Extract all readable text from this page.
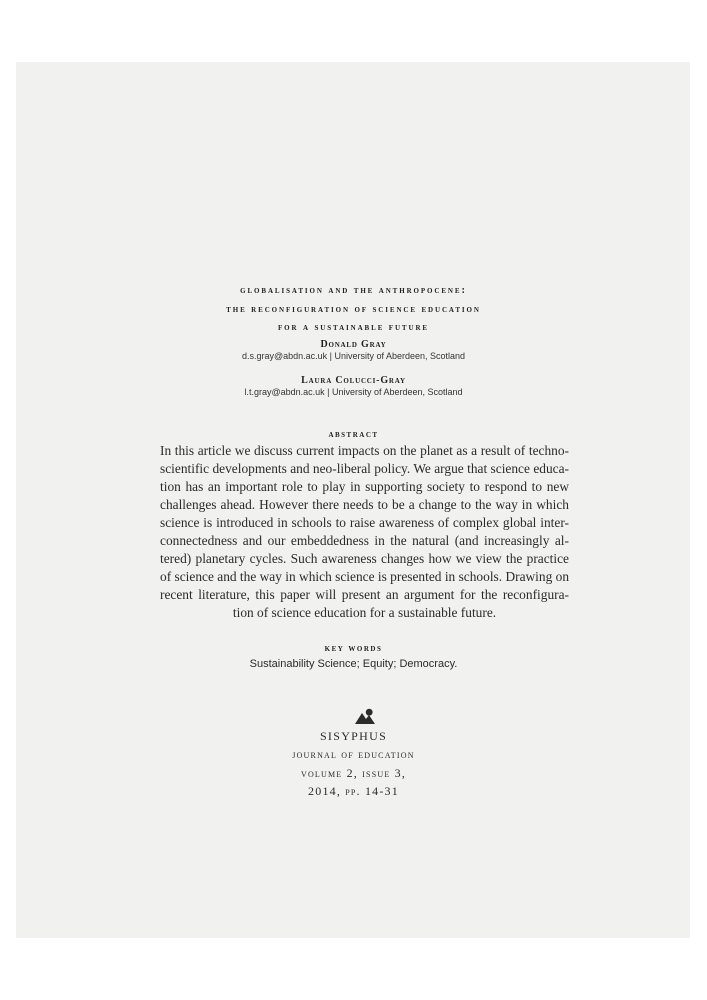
globalisation and the anthropocene:
the reconfiguration of science education
for a sustainable future
Donald Gray
d.s.gray@abdn.ac.uk | University of Aberdeen, Scotland
Laura Colucci-Gray
l.t.gray@abdn.ac.uk | University of Aberdeen, Scotland
abstract
In this article we discuss current impacts on the planet as a result of techno-
scientific developments and neo-liberal policy. We argue that science educa-
tion has an important role to play in supporting society to respond to new
challenges ahead. However there needs to be a change to the way in which
science is introduced in schools to raise awareness of complex global inter-
connectedness and our embeddedness in the natural (and increasingly al-
tered) planetary cycles. Such awareness changes how we view the practice
of science and the way in which science is presented in schools. Drawing on
recent literature, this paper will present an argument for the reconfigura-
tion of science education for a sustainable future.
key words
Sustainability Science; Equity; Democracy.
SISYPHUS
journal of education
volume 2, issue 3,
2014, pp. 14-31
